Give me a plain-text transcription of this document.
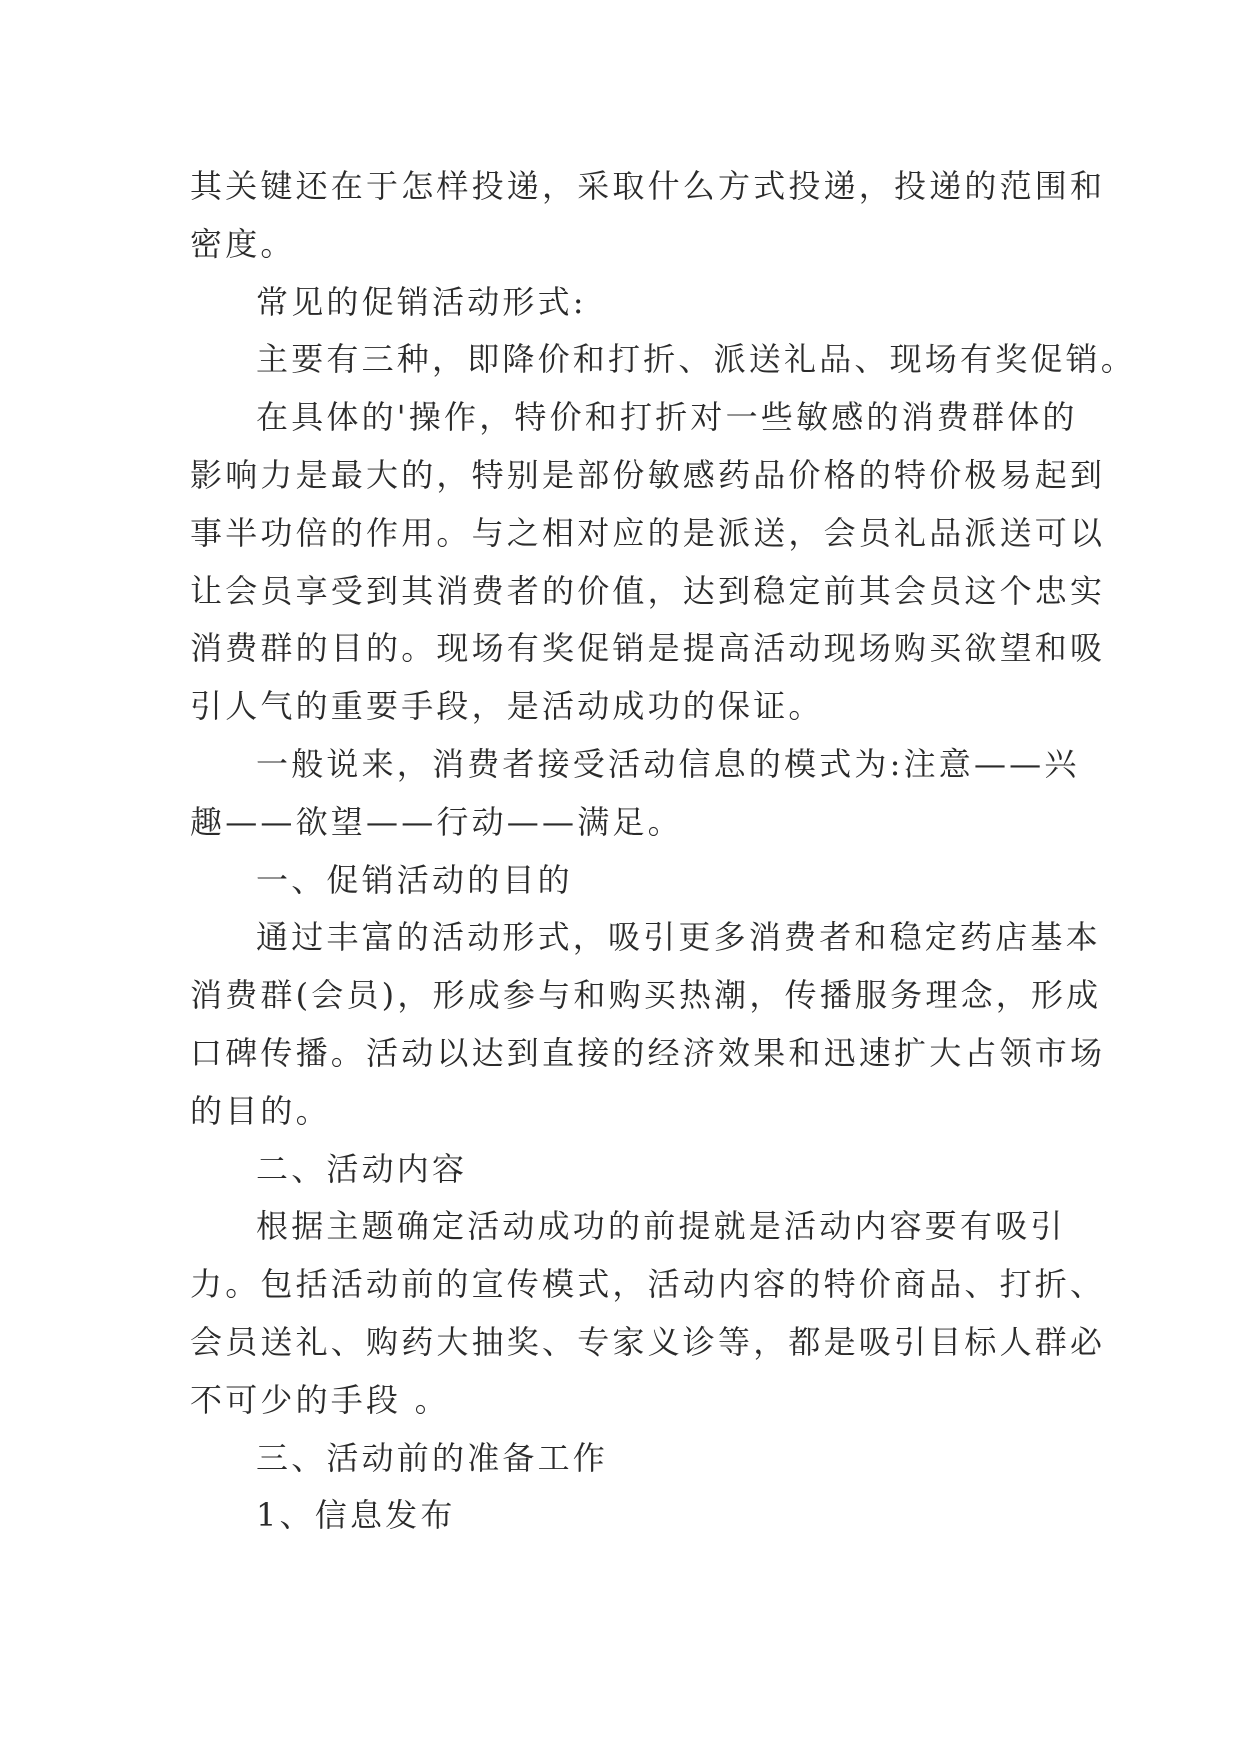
其关键还在于怎样投递，采取什么方式投递，投递的范围和

密度。

常见的促销活动形式:

主要有三种，即降价和打折、派送礼品、现场有奖促销。

在具体的'操作，特价和打折对一些敏感的消费群体的

影响力是最大的，特别是部份敏感药品价格的特价极易起到

事半功倍的作用。与之相对应的是派送，会员礼品派送可以

让会员享受到其消费者的价值，达到稳定前其会员这个忠实

消费群的目的。现场有奖促销是提高活动现场购买欲望和吸

引人气的重要手段，是活动成功的保证。

一般说来，消费者接受活动信息的模式为:注意——兴

趣——欲望——行动——满足。

一、促销活动的目的

通过丰富的活动形式，吸引更多消费者和稳定药店基本

消费群(会员)，形成参与和购买热潮，传播服务理念，形成

口碑传播。活动以达到直接的经济效果和迅速扩大占领市场

的目的。

二、活动内容

根据主题确定活动成功的前提就是活动内容要有吸引

力。包括活动前的宣传模式，活动内容的特价商品、打折、

会员送礼、购药大抽奖、专家义诊等，都是吸引目标人群必

不可少的手段 。

三、活动前的准备工作

1、信息发布
